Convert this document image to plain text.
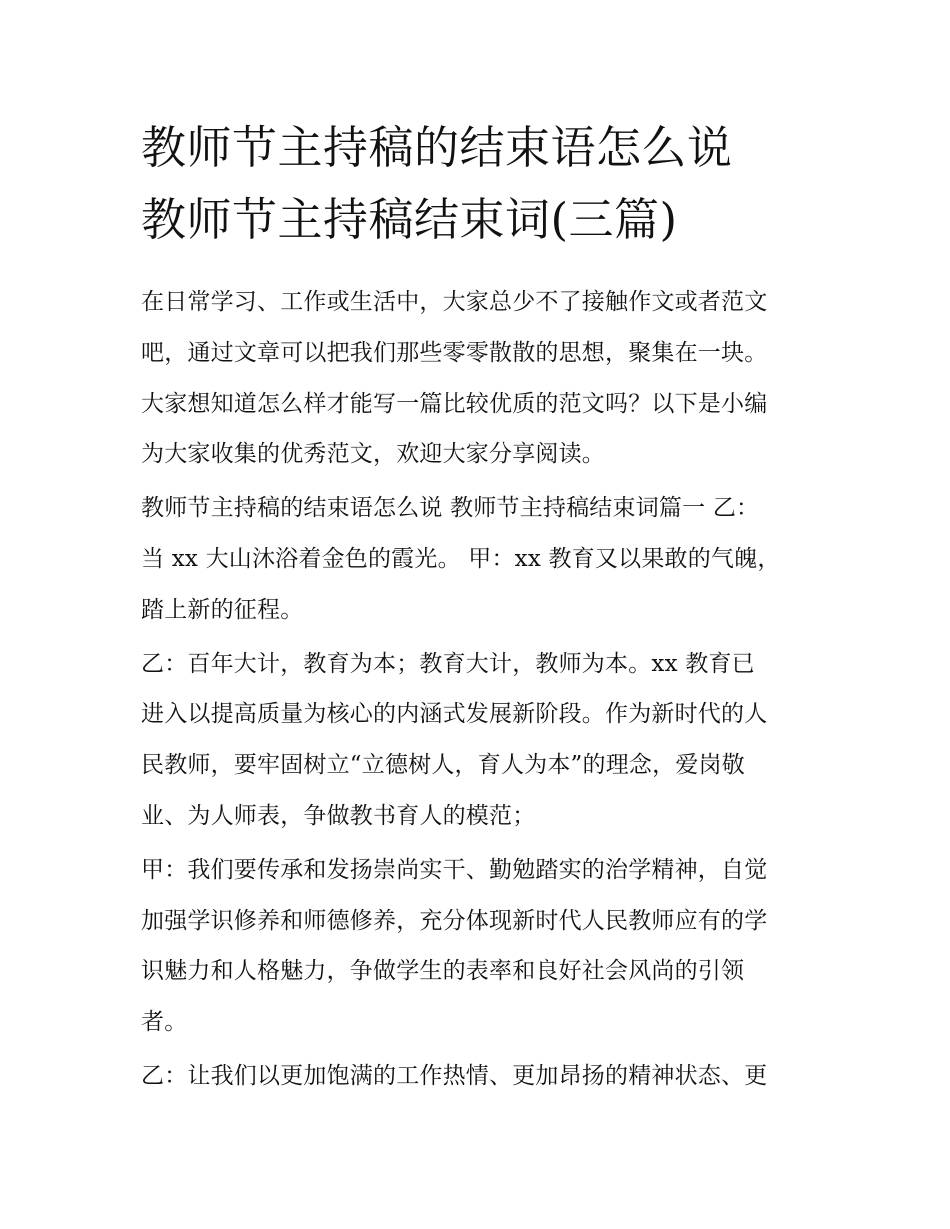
教师节主持稿的结束语怎么说
教师节主持稿结束词(三篇)
在日常学习、工作或生活中，大家总少不了接触作文或者范文
吧，通过文章可以把我们那些零零散散的思想，聚集在一块。
大家想知道怎么样才能写一篇比较优质的范文吗？以下是小编
为大家收集的优秀范文，欢迎大家分享阅读。
教师节主持稿的结束语怎么说 教师节主持稿结束词篇一 乙：
当 xx 大山沐浴着金色的霞光。 甲：xx 教育又以果敢的气魄，
踏上新的征程。
乙：百年大计，教育为本；教育大计，教师为本。xx 教育已
进入以提高质量为核心的内涵式发展新阶段。作为新时代的人
民教师，要牢固树立“立德树人，育人为本”的理念，爱岗敬
业、为人师表，争做教书育人的模范；
甲：我们要传承和发扬崇尚实干、勤勉踏实的治学精神，自觉
加强学识修养和师德修养，充分体现新时代人民教师应有的学
识魅力和人格魅力，争做学生的表率和良好社会风尚的引领
者。
乙：让我们以更加饱满的工作热情、更加昂扬的精神状态、更
